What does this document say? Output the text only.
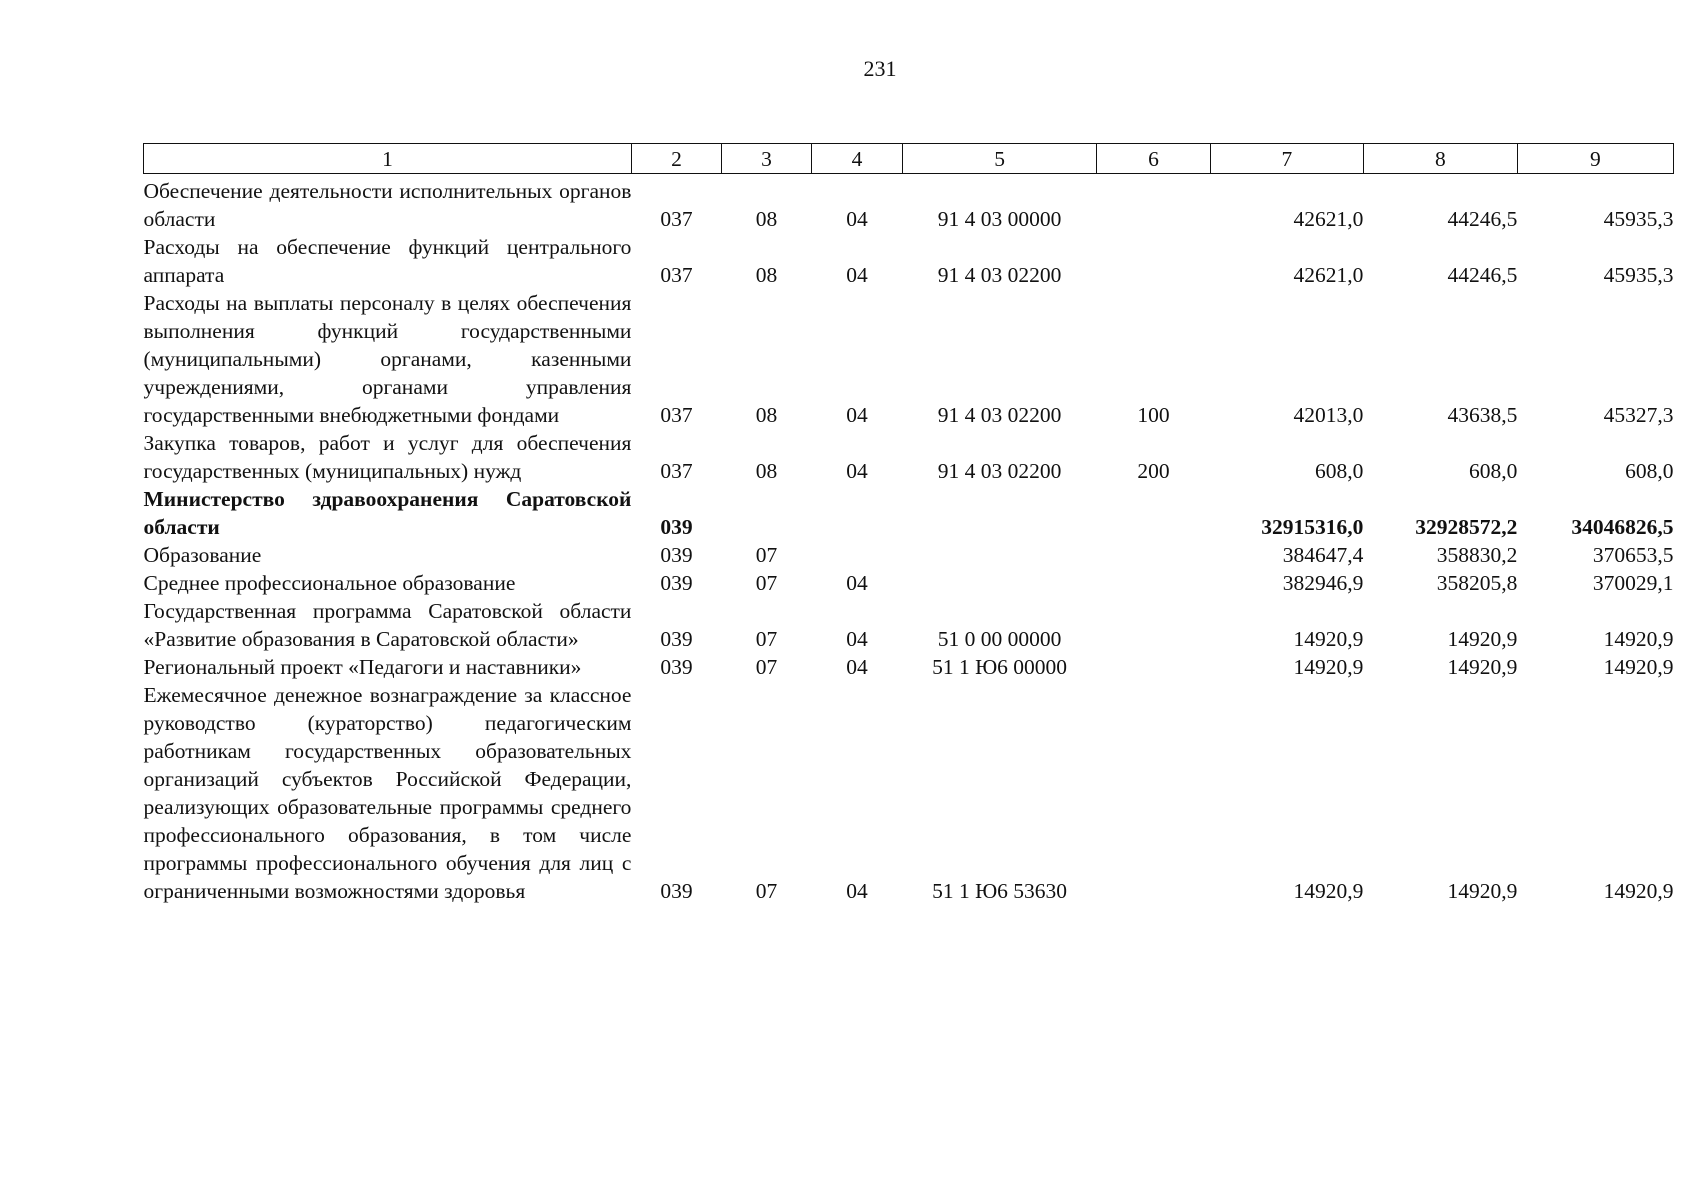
231
1	2	3	4	5	6	7	8	9
Обеспечение деятельности исполнительных органов области	037	08	04	91 4 03 00000		42621,0	44246,5	45935,3
Расходы на обеспечение функций центрального аппарата	037	08	04	91 4 03 02200		42621,0	44246,5	45935,3
Расходы на выплаты персоналу в целях обеспечения выполнения функций государственными (муниципальными) органами, казенными учреждениями, органами управления государственными внебюджетными фондами	037	08	04	91 4 03 02200	100	42013,0	43638,5	45327,3
Закупка товаров, работ и услуг для обеспечения государственных (муниципальных) нужд	037	08	04	91 4 03 02200	200	608,0	608,0	608,0
Министерство здравоохранения Саратовской области	039					32915316,0	32928572,2	34046826,5
Образование	039	07				384647,4	358830,2	370653,5
Среднее профессиональное образование	039	07	04			382946,9	358205,8	370029,1
Государственная программа Саратовской области «Развитие образования в Саратовской области»	039	07	04	51 0 00 00000		14920,9	14920,9	14920,9
Региональный проект «Педагоги и наставники»	039	07	04	51 1 Ю6 00000		14920,9	14920,9	14920,9
Ежемесячное денежное вознаграждение за классное руководство (кураторство) педагогическим работникам государственных образовательных организаций субъектов Российской Федерации, реализующих образовательные программы среднего профессионального образования, в том числе программы профессионального обучения для лиц с ограниченными возможностями здоровья	039	07	04	51 1 Ю6 53630		14920,9	14920,9	14920,9
